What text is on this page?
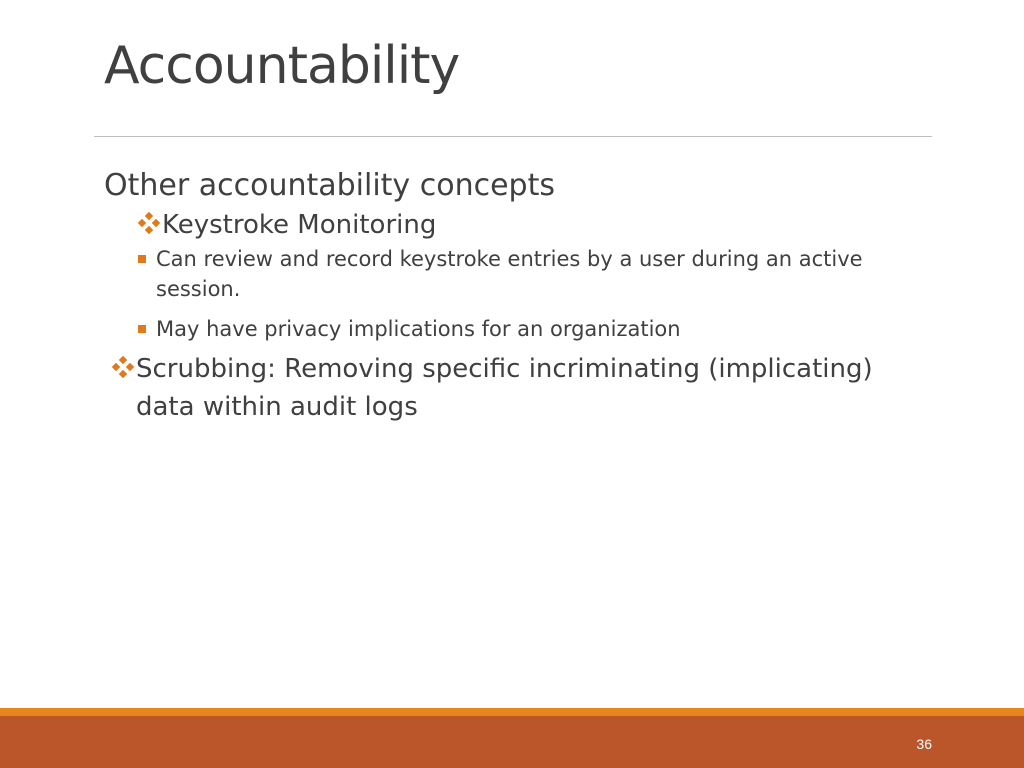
Accountability

Other accountability concepts

Keystroke Monitoring

Can review and record keystroke entries by a user during an active session.
May have privacy implications for an organization

Scrubbing: Removing specific incriminating (implicating) data within audit logs

36
